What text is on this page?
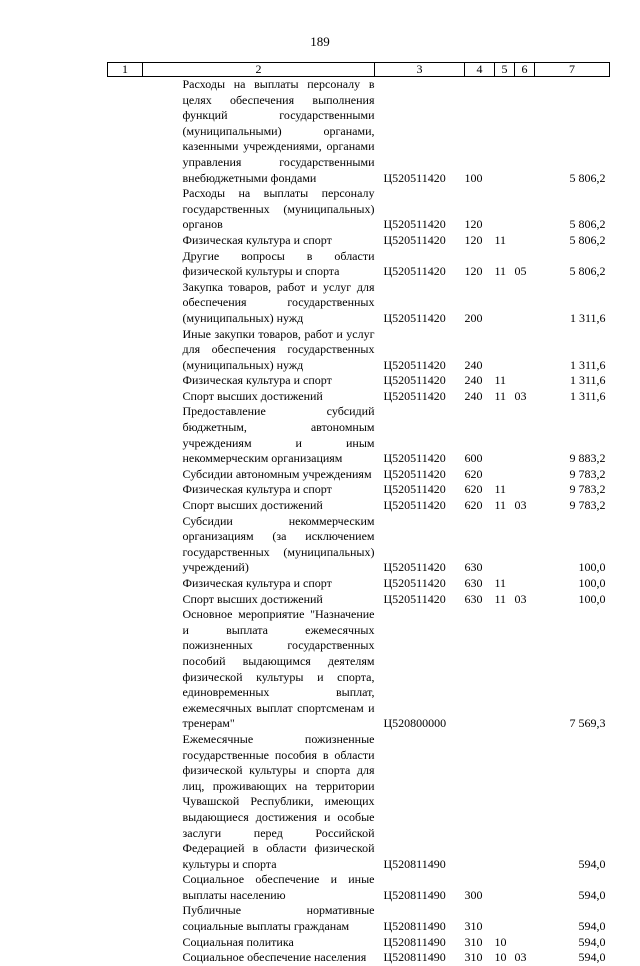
189
1	2	3	4	5	6	7
	Расходы на выплаты персоналу в целях обеспечения выполнения функций государственными (муниципальными) органами, казенными учреждениями, органами управления государственными внебюджетными фондами	Ц520511420	100			5 806,2
	Расходы на выплаты персоналу государственных (муниципальных) органов	Ц520511420	120			5 806,2
	Физическая культура и спорт	Ц520511420	120	11		5 806,2
	Другие вопросы в области физической культуры и спорта	Ц520511420	120	11	05	5 806,2
	Закупка товаров, работ и услуг для обеспечения государственных (муниципальных) нужд	Ц520511420	200			1 311,6
	Иные закупки товаров, работ и услуг для обеспечения государственных (муниципальных) нужд	Ц520511420	240			1 311,6
	Физическая культура и спорт	Ц520511420	240	11		1 311,6
	Спорт высших достижений	Ц520511420	240	11	03	1 311,6
	Предоставление субсидий бюджетным, автономным учреждениям и иным некоммерческим организациям	Ц520511420	600			9 883,2
	Субсидии автономным учреждениям	Ц520511420	620			9 783,2
	Физическая культура и спорт	Ц520511420	620	11		9 783,2
	Спорт высших достижений	Ц520511420	620	11	03	9 783,2
	Субсидии некоммерческим организациям (за исключением государственных (муниципальных) учреждений)	Ц520511420	630			100,0
	Физическая культура и спорт	Ц520511420	630	11		100,0
	Спорт высших достижений	Ц520511420	630	11	03	100,0
	Основное мероприятие "Назначение и выплата ежемесячных пожизненных государственных пособий выдающимся деятелям физической культуры и спорта, единовременных выплат, ежемесячных выплат спортсменам и тренерам"	Ц520800000				7 569,3
	Ежемесячные пожизненные государственные пособия в области физической культуры и спорта для лиц, проживающих на территории Чувашской Республики, имеющих выдающиеся достижения и особые заслуги перед Российской Федерацией в области физической культуры и спорта	Ц520811490				594,0
	Социальное обеспечение и иные выплаты населению	Ц520811490	300			594,0
	Публичные нормативные социальные выплаты гражданам	Ц520811490	310			594,0
	Социальная политика	Ц520811490	310	10		594,0
	Социальное обеспечение населения	Ц520811490	310	10	03	594,0
